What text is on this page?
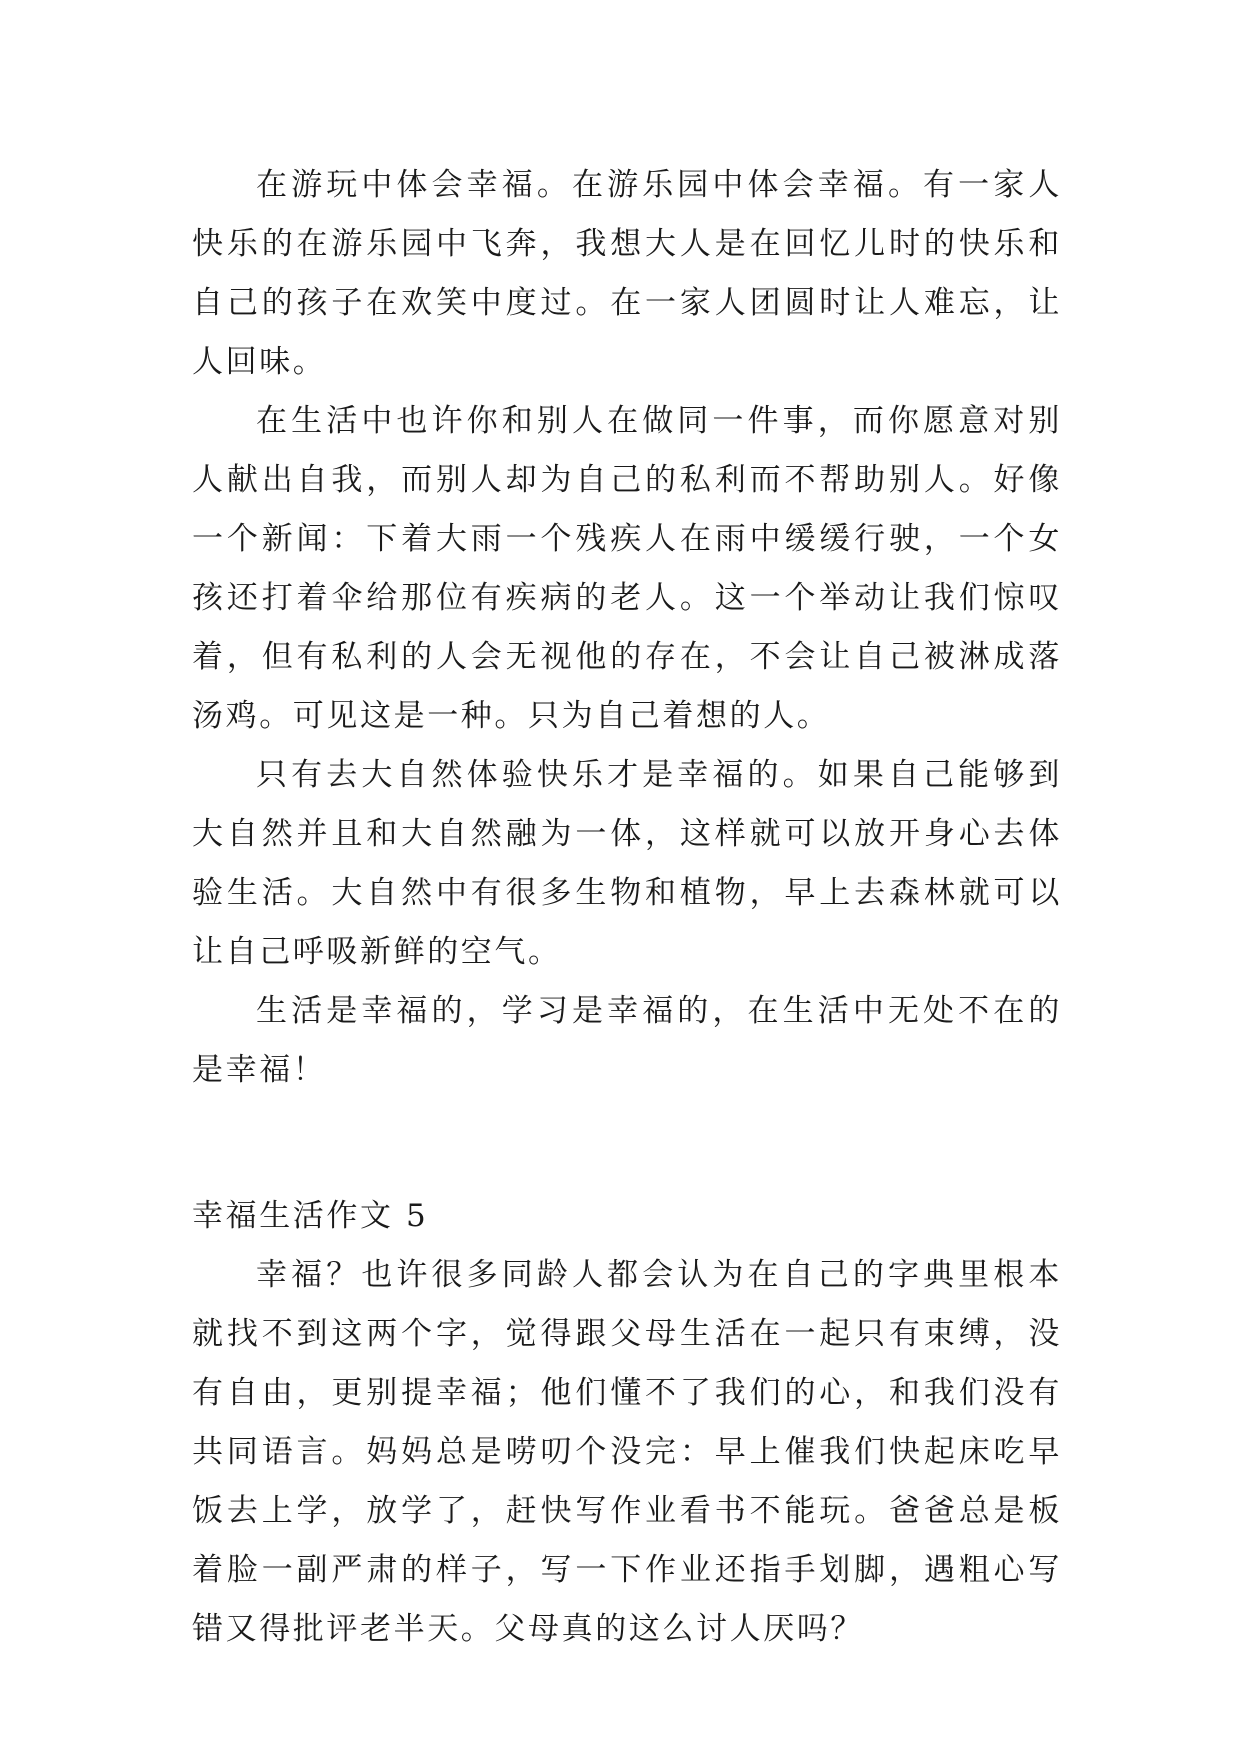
在游玩中体会幸福。在游乐园中体会幸福。有一家人快乐的在游乐园中飞奔，我想大人是在回忆儿时的快乐和自己的孩子在欢笑中度过。在一家人团圆时让人难忘，让人回味。

在生活中也许你和别人在做同一件事，而你愿意对别人献出自我，而别人却为自己的私利而不帮助别人。好像一个新闻：下着大雨一个残疾人在雨中缓缓行驶，一个女孩还打着伞给那位有疾病的老人。这一个举动让我们惊叹着，但有私利的人会无视他的存在，不会让自己被淋成落汤鸡。可见这是一种。只为自己着想的人。

只有去大自然体验快乐才是幸福的。如果自己能够到大自然并且和大自然融为一体，这样就可以放开身心去体验生活。大自然中有很多生物和植物，早上去森林就可以让自己呼吸新鲜的空气。

生活是幸福的，学习是幸福的，在生活中无处不在的是幸福！

幸福生活作文 5

幸福？也许很多同龄人都会认为在自己的字典里根本就找不到这两个字，觉得跟父母生活在一起只有束缚，没有自由，更别提幸福；他们懂不了我们的心，和我们没有共同语言。妈妈总是唠叨个没完：早上催我们快起床吃早饭去上学，放学了，赶快写作业看书不能玩。爸爸总是板着脸一副严肃的样子，写一下作业还指手划脚，遇粗心写错又得批评老半天。父母真的这么讨人厌吗？
